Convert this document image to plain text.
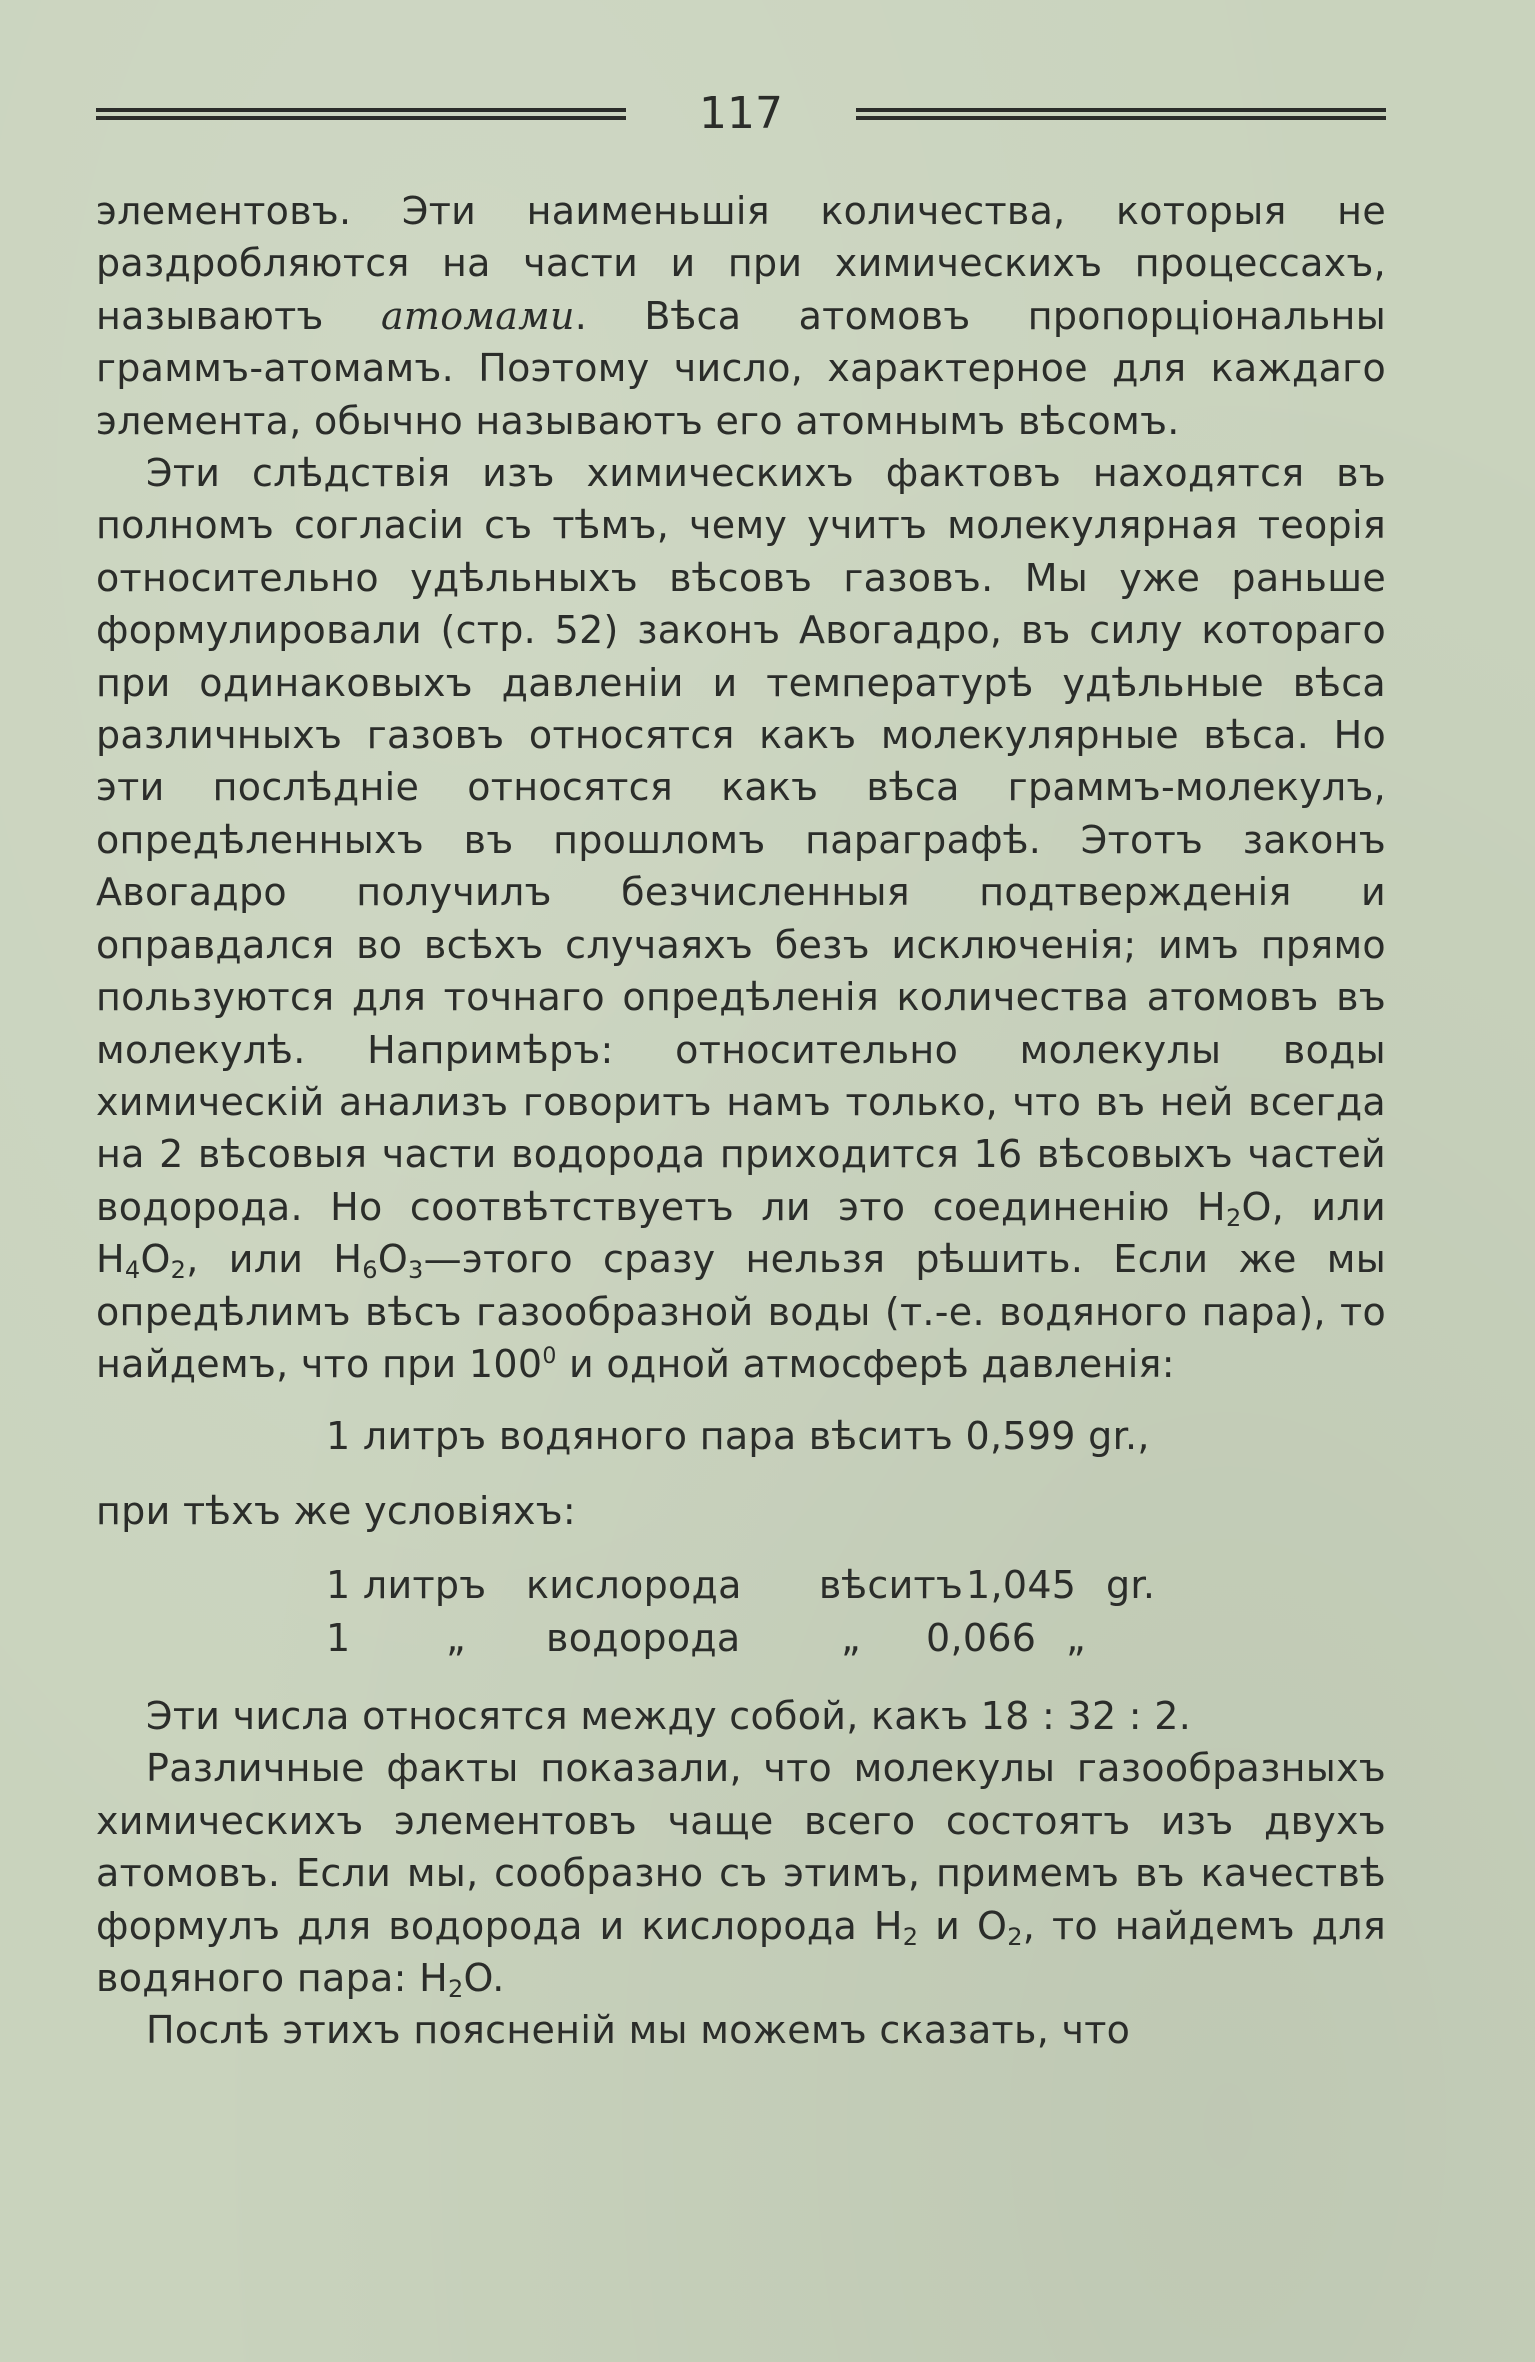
117

элементовъ. Эти наименьшія количества, которыя не раздробляются на части и при химическихъ процессахъ, называютъ атомами. Вѣса атомовъ пропорціональны граммъ-атомамъ. Поэтому число, характерное для каждаго элемента, обычно называютъ его атомнымъ вѣсомъ.

Эти слѣдствія изъ химическихъ фактовъ находятся въ полномъ согласіи съ тѣмъ, чему учитъ молекулярная теорія относительно удѣльныхъ вѣсовъ газовъ. Мы уже раньше формулировали (стр. 52) законъ Авогадро, въ силу котораго при одинаковыхъ давленіи и температурѣ удѣльные вѣса различныхъ газовъ относятся какъ молекулярные вѣса. Но эти послѣдніе относятся какъ вѣса граммъ-молекулъ, опредѣленныхъ въ прошломъ параграфѣ. Этотъ законъ Авогадро получилъ безчисленныя подтвержденія и оправдался во всѣхъ случаяхъ безъ исключенія; имъ прямо пользуются для точнаго опредѣленія количества атомовъ въ молекулѣ. Напримѣръ: относительно молекулы воды химическій анализъ говоритъ намъ только, что въ ней всегда на 2 вѣсовыя части водорода приходится 16 вѣсовыхъ частей водорода. Но соотвѣтствуетъ ли это соединенію $H_2O$, или $H_4O_2$, или $H_6O_3—этого$ сразу нельзя рѣшить. Если же мы опредѣлимъ вѣсъ газообразной воды (т.-е. водяного пара), то найдемъ, что при $100^0$ и одной атмосферѣ давленія:

1 литръ водяного пара вѣситъ 0,599 gr.,
при тѣхъ же условіяхъ:
1 литръ	кислорода	вѣситъ 1,045 gr.
1	„	водорода	„	0,066 „

Эти числа относятся между собой, какъ 18 : 32 : 2.

Различные факты показали, что молекулы газообразныхъ химическихъ элементовъ чаще всего состоятъ изъ двухъ атомовъ. Если мы, сообразно съ этимъ, примемъ въ качествѣ формулъ для водорода и кислорода $H_2$ и $O_2$, то найдемъ для водяного пара: $H_2O$.

Послѣ этихъ поясненій мы можемъ сказать, что
